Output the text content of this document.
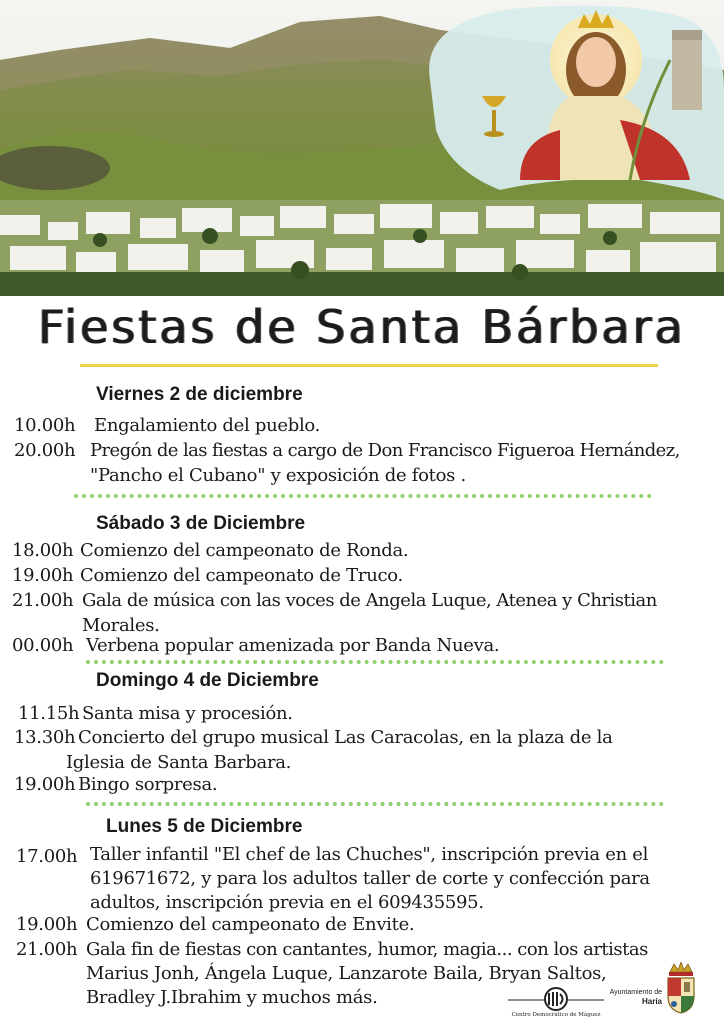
Fiestas de Santa Bárbara
Viernes 2 de diciembre
10.00h Engalamiento del pueblo.
20.00h Pregón de las fiestas a cargo de Don Francisco Figueroa Hernández,
"Pancho el Cubano" y exposición de fotos .
Sábado 3 de Diciembre
18.00h Comienzo del campeonato de Ronda.
19.00h Comienzo del campeonato de Truco.
21.00h Gala de música con las voces de Angela Luque, Atenea y Christian
Morales.
00.00h Verbena popular amenizada por Banda Nueva.
Domingo 4 de Diciembre
11.15h Santa misa y procesión.
13.30h Concierto del grupo musical Las Caracolas, en la plaza de la
Iglesia de Santa Barbara.
19.00h Bingo sorpresa.
Lunes 5 de Diciembre
17.00h Taller infantil "El chef de las Chuches", inscripción previa en el
619671672, y para los adultos taller de corte y confección para
adultos, inscripción previa en el 609435595.
19.00h Comienzo del campeonato de Envite.
21.00h Gala fin de fiestas con cantantes, humor, magia... con los artistas
Marius Jonh, Ángela Luque, Lanzarote Baila, Bryan Saltos,
Bradley J.Ibrahim y muchos más.
Centro Democrático de Máguez
Ayuntamiento de
Haría
